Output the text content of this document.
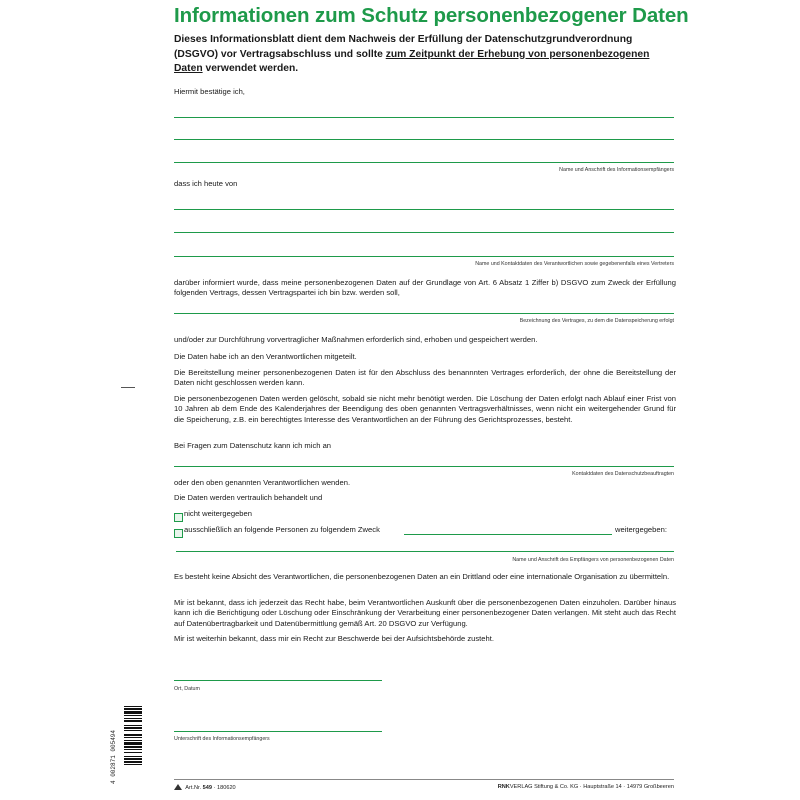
Informationen zum Schutz personenbezogener Daten
Dieses Informationsblatt dient dem Nachweis der Erfüllung der Datenschutzgrundverordnung (DSGVO) vor Vertragsabschluss und sollte zum Zeitpunkt der Erhebung von personenbezogenen Daten verwendet werden.
Hiermit bestätige ich,
Name und Anschrift des Informationsempfängers
dass ich heute von
Name und Kontaktdaten des Verantwortlichen sowie gegebenenfalls eines Vertreters
darüber informiert wurde, dass meine personenbezogenen Daten auf der Grundlage von Art. 6 Absatz 1 Ziffer b) DSGVO zum Zweck der Erfüllung folgenden Vertrags, dessen Vertragspartei ich bin bzw. werden soll,
Bezeichnung des Vertrages, zu dem die Datenspeicherung erfolgt
und/oder zur Durchführung vorvertraglicher Maßnahmen erforderlich sind, erhoben und gespeichert werden.
Die Daten habe ich an den Verantwortlichen mitgeteilt.
Die Bereitstellung meiner personenbezogenen Daten ist für den Abschluss des benannnten Vertrages erforderlich, der ohne die Bereitstellung der Daten nicht geschlossen werden kann.
Die personenbezogenen Daten werden gelöscht, sobald sie nicht mehr benötigt werden. Die Löschung der Daten erfolgt nach Ablauf einer Frist von 10 Jahren ab dem Ende des Kalenderjahres der Beendigung des oben genannten Vertragsverhältnisses, wenn nicht ein weitergehender Grund für die Speicherung, z.B. ein berechtigtes Interesse des Verantwortlichen an der Führung des Gerichtsprozesses, besteht.
Bei Fragen zum Datenschutz kann ich mich an
Kontaktdaten des Datenschutzbeauftragten
oder den oben genannten Verantwortlichen wenden.
Die Daten werden vertraulich behandelt und
nicht weitergegeben
ausschließlich an folgende Personen zu folgendem Zweck	weitergegeben:
Name und Anschrift des Empfängers von personenbezogenen Daten
Es besteht keine Absicht des Verantwortlichen, die personenbezogenen Daten an ein Drittland oder eine internationale Organisation zu übermitteln.
Mir ist bekannt, dass ich jederzeit das Recht habe, beim Verantwortlichen Auskunft über die personenbezogenen Daten einzuholen. Darüber hinaus kann ich die Berichtigung oder Löschung oder Einschränkung der Verarbeitung einer personenbezogener Daten verlangen. Mit steht auch das Recht auf Datenübertragbarkeit und Datenübermittlung gemäß Art. 20 DSGVO zur Verfügung.
Mir ist weiterhin bekannt, dass mir ein Recht zur Beschwerde bei der Aufsichtsbehörde zusteht.
Ort, Datum
Unterschrift des Informationsempfängers
Art.Nr. 549 · 180620	RNKVERLAG Stiftung & Co. KG · Hauptstraße 14 · 14979 Großbeeren
4 002871 005494
